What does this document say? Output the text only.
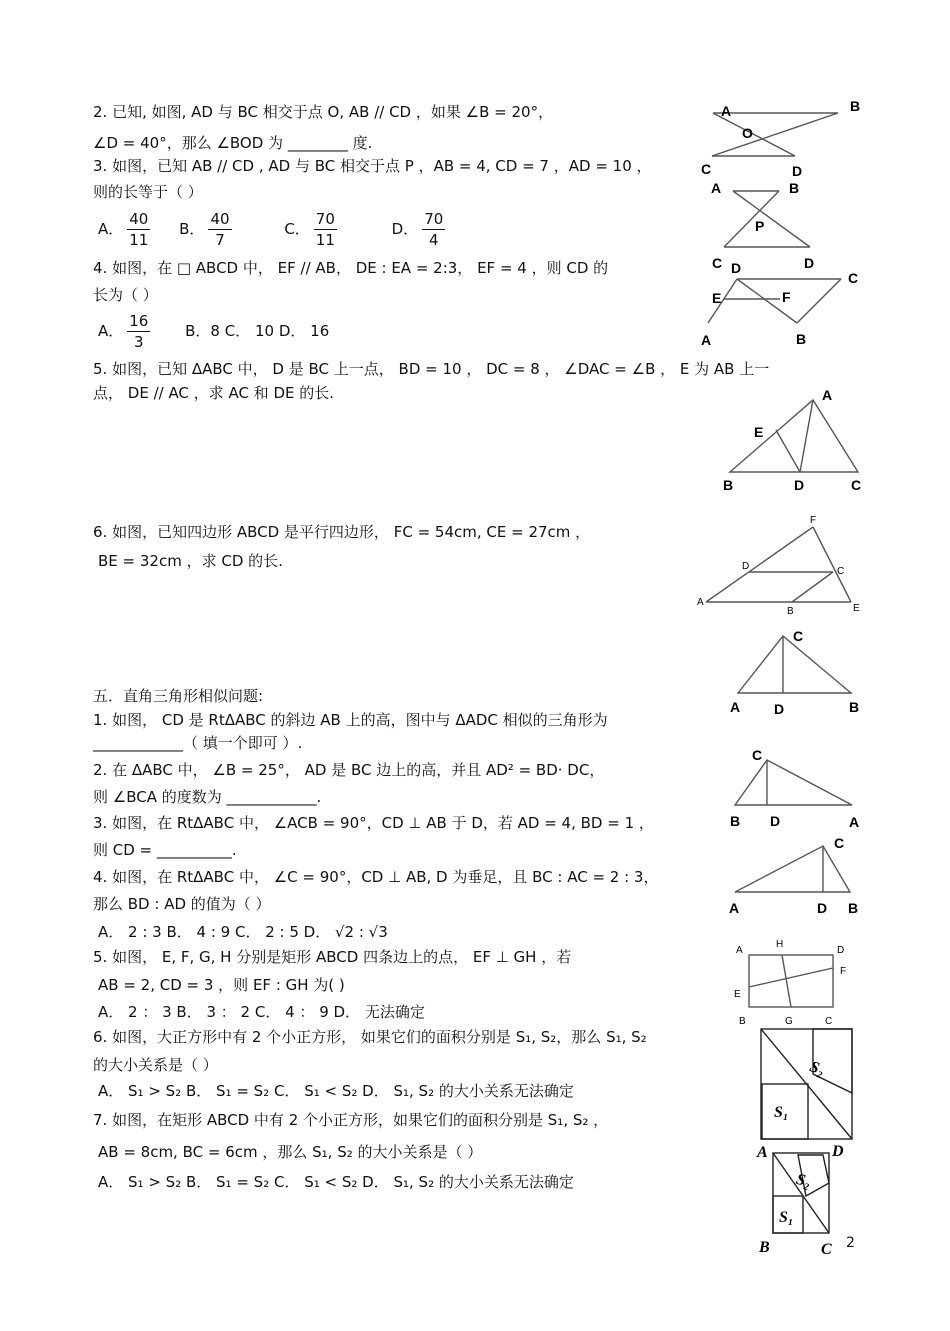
2. 已知, 如图, AD 与 BC 相交于点 O, AB // CD ，如果 ∠B = 20°，
∠D = 40°，那么 ∠BOD 为 ________ 度.
3. 如图，已知 AB // CD , AD 与 BC 相交于点 P ，AB = 4, CD = 7 ，AD = 10 ，
则的长等于（ ）
A． $\frac{40}{11}$ B． $\frac{40}{7}$	C． $\frac{70}{11}$	D． $\frac{70}{4}$
4. 如图，在 □ ABCD 中， EF // AB， DE : EA = 2:3， EF = 4 ，则 CD 的
长为（ ）
A． $\frac{16}{3}$ B．8 C． 10 D． 16
5. 如图，已知 ΔABC 中， D 是 BC 上一点， BD = 10 ， DC = 8 ， ∠DAC = ∠B ， E 为 AB 上一
点， DE // AC ，求 AC 和 DE 的长.
6. 如图，已知四边形 ABCD 是平行四边形， FC = 54cm, CE = 27cm ，
BE = 32cm ，求 CD 的长.
五．直角三角形相似问题:
1. 如图， CD 是 RtΔABC 的斜边 AB 上的高，图中与 ΔADC 相似的三角形为
____________（ 填一个即可 ）.
2. 在 ΔABC 中， ∠B = 25°， AD 是 BC 边上的高，并且 AD² = BD· DC，
则 ∠BCA 的度数为 ____________.
3. 如图，在 RtΔABC 中， ∠ACB = 90°，CD ⊥ AB 于 D，若 AD = 4, BD = 1 ，
则 CD = __________.
4. 如图，在 RtΔABC 中， ∠C = 90°，CD ⊥ AB, D 为垂足，且 BC : AC = 2 : 3，
那么 BD : AD 的值为（ ）
A． 2 : 3 B． 4 : 9 C． 2 : 5 D． √2 : √3
5. 如图， E, F, G, H 分别是矩形 ABCD 四条边上的点， EF ⊥ GH ，若
AB = 2, CD = 3 ，则 EF : GH 为( )
A． 2 ： 3 B． 3 ： 2 C． 4 ： 9 D． 无法确定
6. 如图，大正方形中有 2 个小正方形， 如果它们的面积分别是 S₁, S₂，那么 S₁, S₂
的大小关系是（ ）
A． S₁ > S₂ B． S₁ = S₂ C． S₁ < S₂ D． S₁, S₂ 的大小关系无法确定
7. 如图，在矩形 ABCD 中有 2 个小正方形，如果它们的面积分别是 S₁, S₂ ，
AB = 8cm, BC = 6cm ，那么 S₁, S₂ 的大小关系是（ ）
A． S₁ > S₂ B． S₁ = S₂ C． S₁ < S₂ D． S₁, S₂ 的大小关系无法确定
2
A	B
O
C	D
A	B
P
C	D
D
C
E	F
A	B
A
E
B	D	C
F
D	C
A
B	E
C
A D	B
C
B D	A
C
A	D B
A
H
D
F
E
B	G	C
S₂
S₁
A	D
S₂
S₁
B	C
